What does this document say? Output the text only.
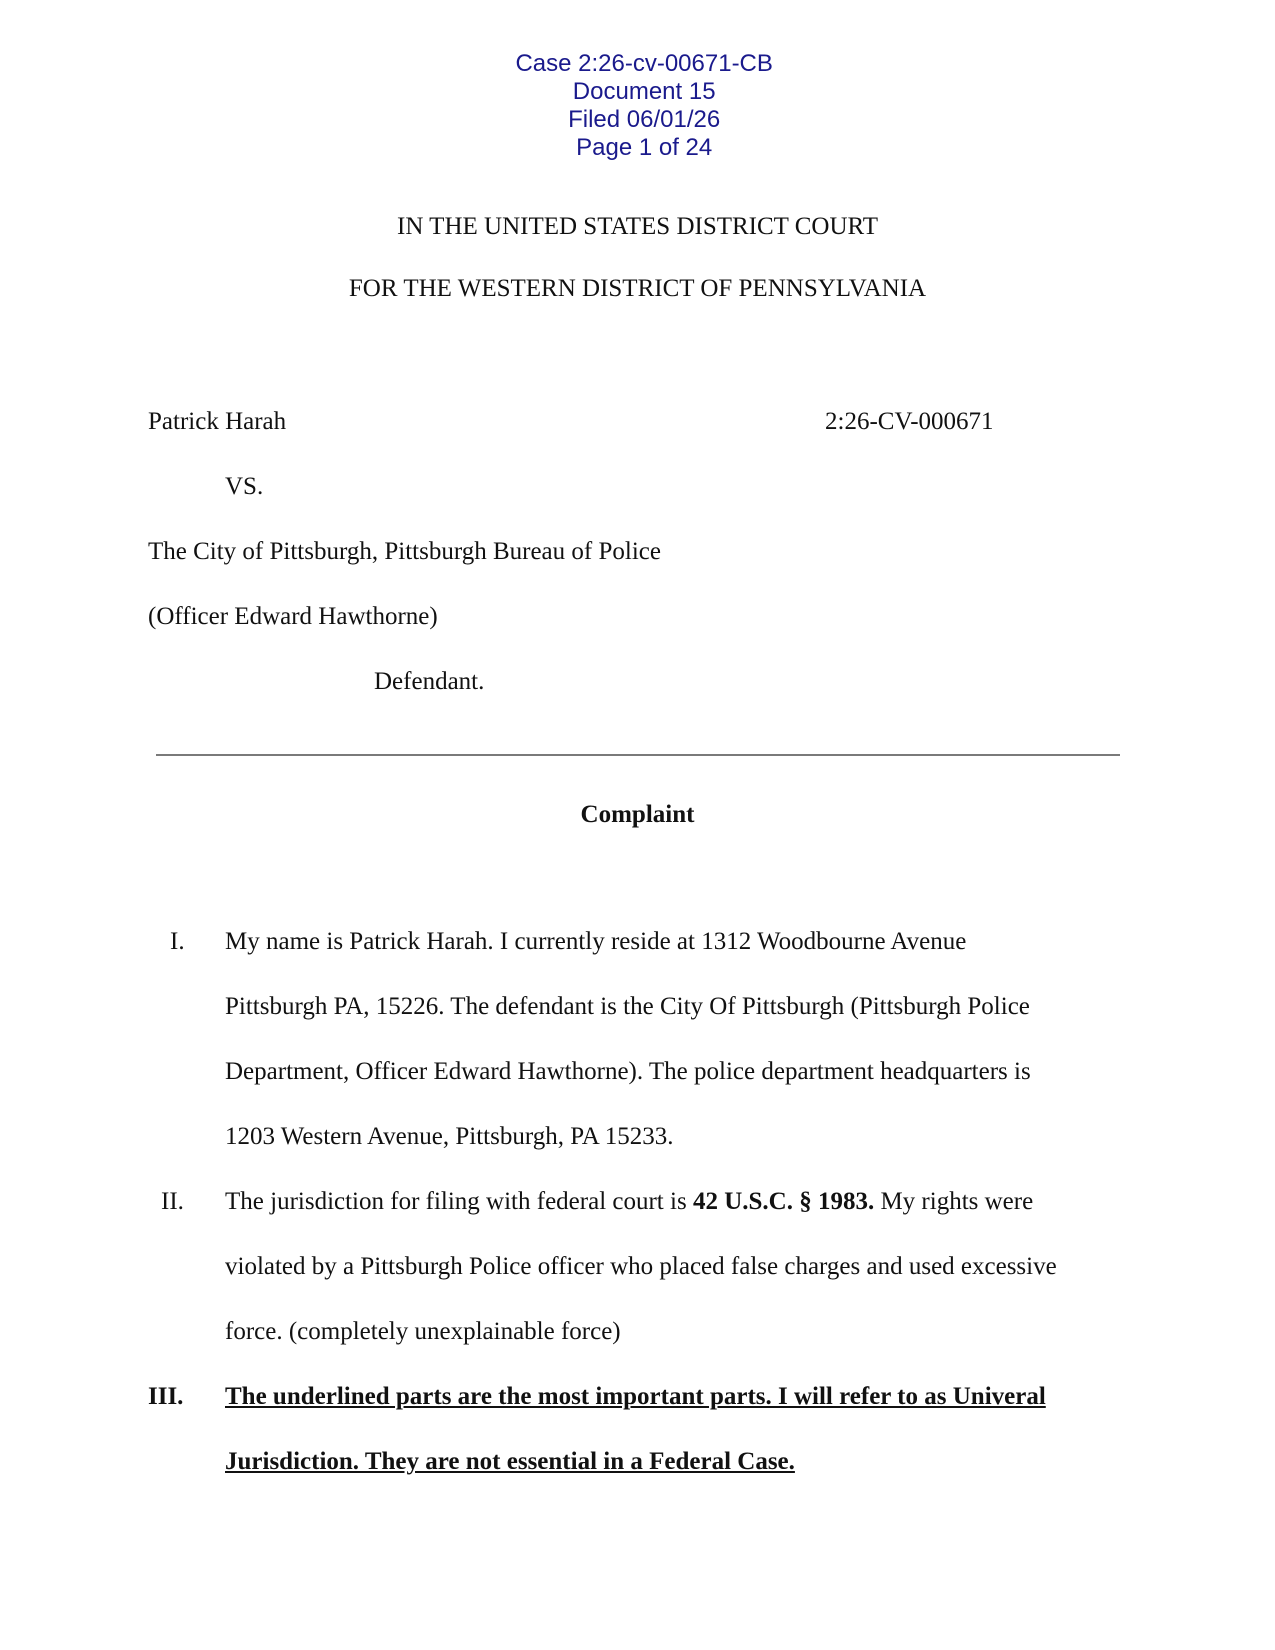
Case 2:26-cv-00671-CB
Document 15
Filed 06/01/26
Page 1 of 24

IN THE UNITED STATES DISTRICT COURT
FOR THE WESTERN DISTRICT OF PENNSYLVANIA
Patrick Harah	2:26-CV-000671
VS.
The City of Pittsburgh, Pittsburgh Bureau of Police
(Officer Edward Hawthorne)
Defendant.
Complaint
I. My name is Patrick Harah. I currently reside at 1312 Woodbourne Avenue
Pittsburgh PA, 15226. The defendant is the City Of Pittsburgh (Pittsburgh Police
Department, Officer Edward Hawthorne). The police department headquarters is
1203 Western Avenue, Pittsburgh, PA 15233.
II. The jurisdiction for filing with federal court is 42 U.S.C. § 1983. My rights were
violated by a Pittsburgh Police officer who placed false charges and used excessive
force. (completely unexplainable force)
III. The underlined parts are the most important parts. I will refer to as Univeral
Jurisdiction. They are not essential in a Federal Case.
